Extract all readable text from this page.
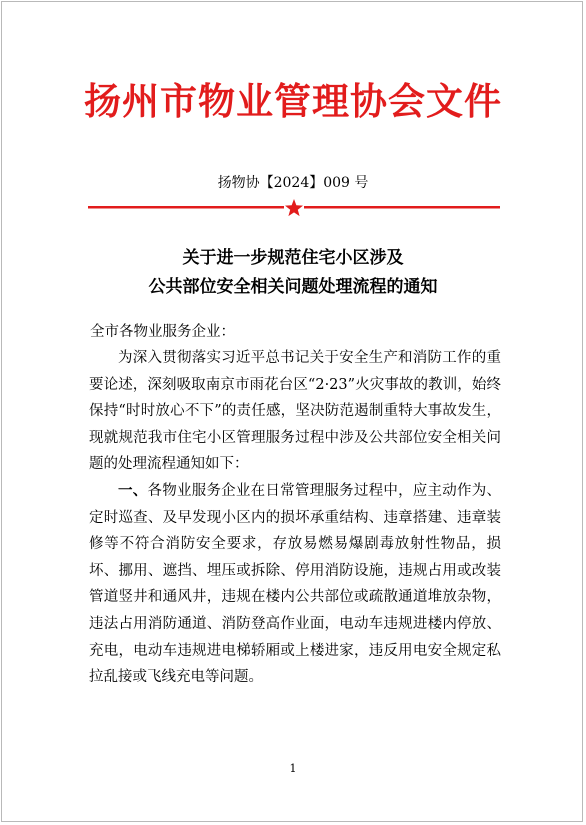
扬州市物业管理协会文件
扬物协【2024】009 号
关于进一步规范住宅小区涉及
公共部位安全相关问题处理流程的通知
全市各物业服务企业：

为深入贯彻落实习近平总书记关于安全生产和消防工作的重要论述，深刻吸取南京市雨花台区“2·23”火灾事故的教训，始终保持“时时放心不下”的责任感，坚决防范遏制重特大事故发生，现就规范我市住宅小区管理服务过程中涉及公共部位安全相关问题的处理流程通知如下：

一、各物业服务企业在日常管理服务过程中，应主动作为、定时巡查、及早发现小区内的损坏承重结构、违章搭建、违章装修等不符合消防安全要求，存放易燃易爆剧毒放射性物品，损坏、挪用、遮挡、埋压或拆除、停用消防设施，违规占用或改装管道竖井和通风井，违规在楼内公共部位或疏散通道堆放杂物，违法占用消防通道、消防登高作业面，电动车违规进楼内停放、充电，电动车违规进电梯轿厢或上楼进家，违反用电安全规定私拉乱接或飞线充电等问题。

1
